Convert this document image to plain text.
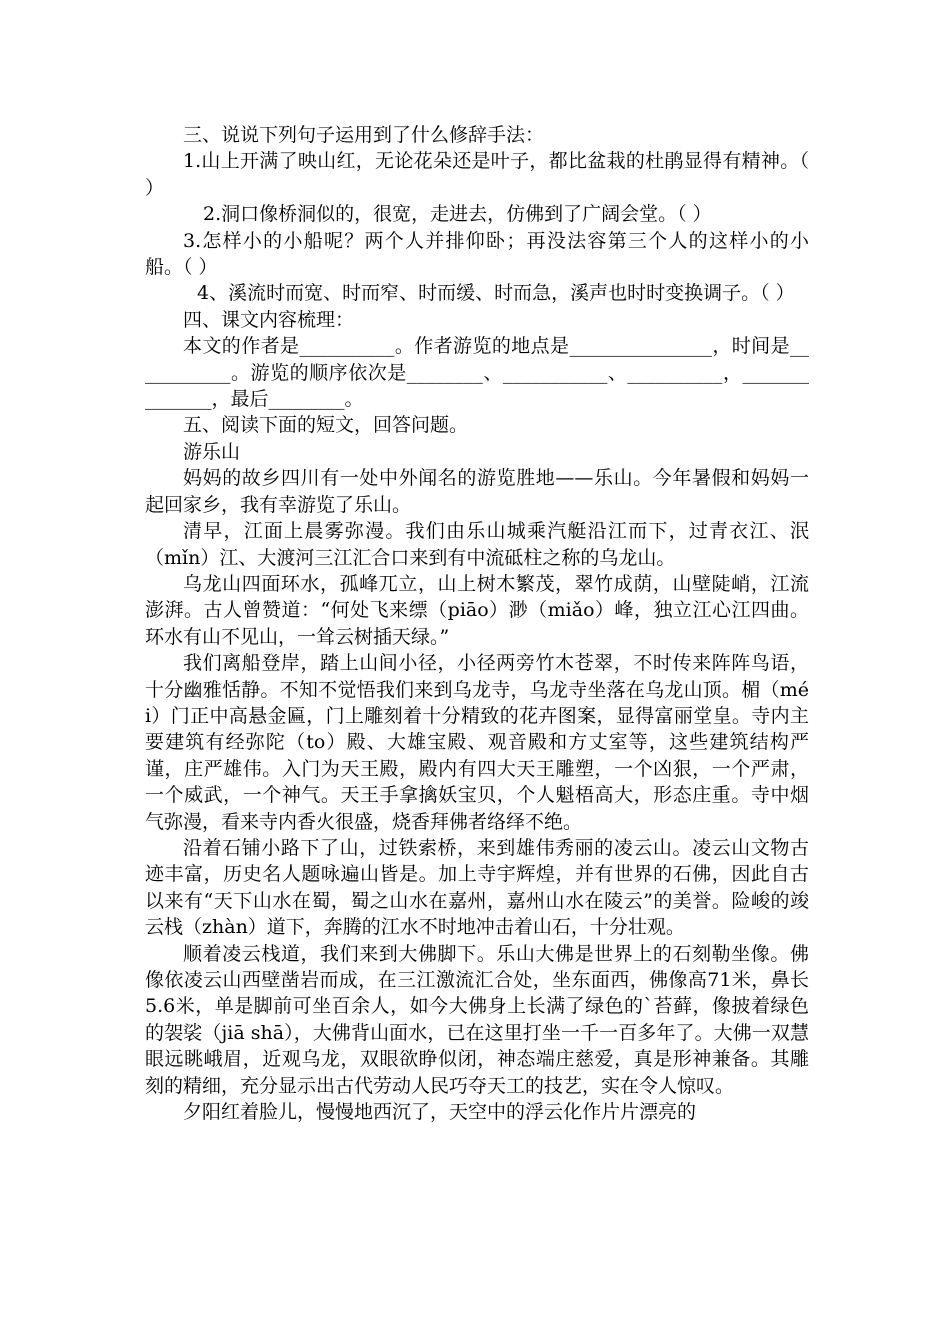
三、说说下列句子运用到了什么修辞手法：

1.山上开满了映山红，无论花朵还是叶子，都比盆栽的杜鹃显得有精神。（ ）

2.洞口像桥洞似的，很宽，走进去，仿佛到了广阔会堂。（ ）

3.怎样小的小船呢？两个人并排仰卧；再没法容第三个人的这样小的小船。（ ）

4、溪流时而宽、时而窄、时而缓、时而急，溪声也时时变换调子。（ ）

四、课文内容梳理：

本文的作者是__________。作者游览的地点是_______________，时间是___________。游览的顺序依次是________、___________、__________，______________，最后________。

五、阅读下面的短文，回答问题。

游乐山

妈妈的故乡四川有一处中外闻名的游览胜地——乐山。今年暑假和妈妈一起回家乡，我有幸游览了乐山。

清早，江面上晨雾弥漫。我们由乐山城乘汽艇沿江而下，过青衣江、泯（mǐn）江、大渡河三江汇合口来到有中流砥柱之称的乌龙山。

乌龙山四面环水，孤峰兀立，山上树木繁茂，翠竹成荫，山壁陡峭，江流澎湃。古人曾赞道：“何处飞来缥（piāo）渺（miǎo）峰，独立江心江四曲。环水有山不见山，一耸云树插天绿。”

我们离船登岸，踏上山间小径，小径两旁竹木苍翠，不时传来阵阵鸟语，十分幽雅恬静。不知不觉悟我们来到乌龙寺，乌龙寺坐落在乌龙山顶。楣（méi）门正中高悬金匾，门上雕刻着十分精致的花卉图案，显得富丽堂皇。寺内主要建筑有经弥陀（to）殿、大雄宝殿、观音殿和方丈室等，这些建筑结构严谨，庄严雄伟。入门为天王殿，殿内有四大天王雕塑，一个凶狠，一个严肃，一个威武，一个神气。天王手拿擒妖宝贝，个人魁梧高大，形态庄重。寺中烟气弥漫，看来寺内香火很盛，烧香拜佛者络绎不绝。

沿着石铺小路下了山，过铁索桥，来到雄伟秀丽的凌云山。凌云山文物古迹丰富，历史名人题咏遍山皆是。加上寺宇辉煌，并有世界的石佛，因此自古以来有“天下山水在蜀，蜀之山水在嘉州，嘉州山水在陵云”的美誉。险峻的竣云栈（zhàn）道下，奔腾的江水不时地冲击着山石，十分壮观。

顺着凌云栈道，我们来到大佛脚下。乐山大佛是世界上的石刻勒坐像。佛像依凌云山西壁凿岩而成，在三江激流汇合处，坐东面西，佛像高71米，鼻长5.6米，单是脚前可坐百余人，如今大佛身上长满了绿色的`苔藓，像披着绿色的袈裟（jiā shā），大佛背山面水，已在这里打坐一千一百多年了。大佛一双慧眼远眺峨眉，近观乌龙，双眼欲睁似闭，神态端庄慈爱，真是形神兼备。其雕刻的精细，充分显示出古代劳动人民巧夺天工的技艺，实在令人惊叹。

夕阳红着脸儿，慢慢地西沉了，天空中的浮云化作片片漂亮的
